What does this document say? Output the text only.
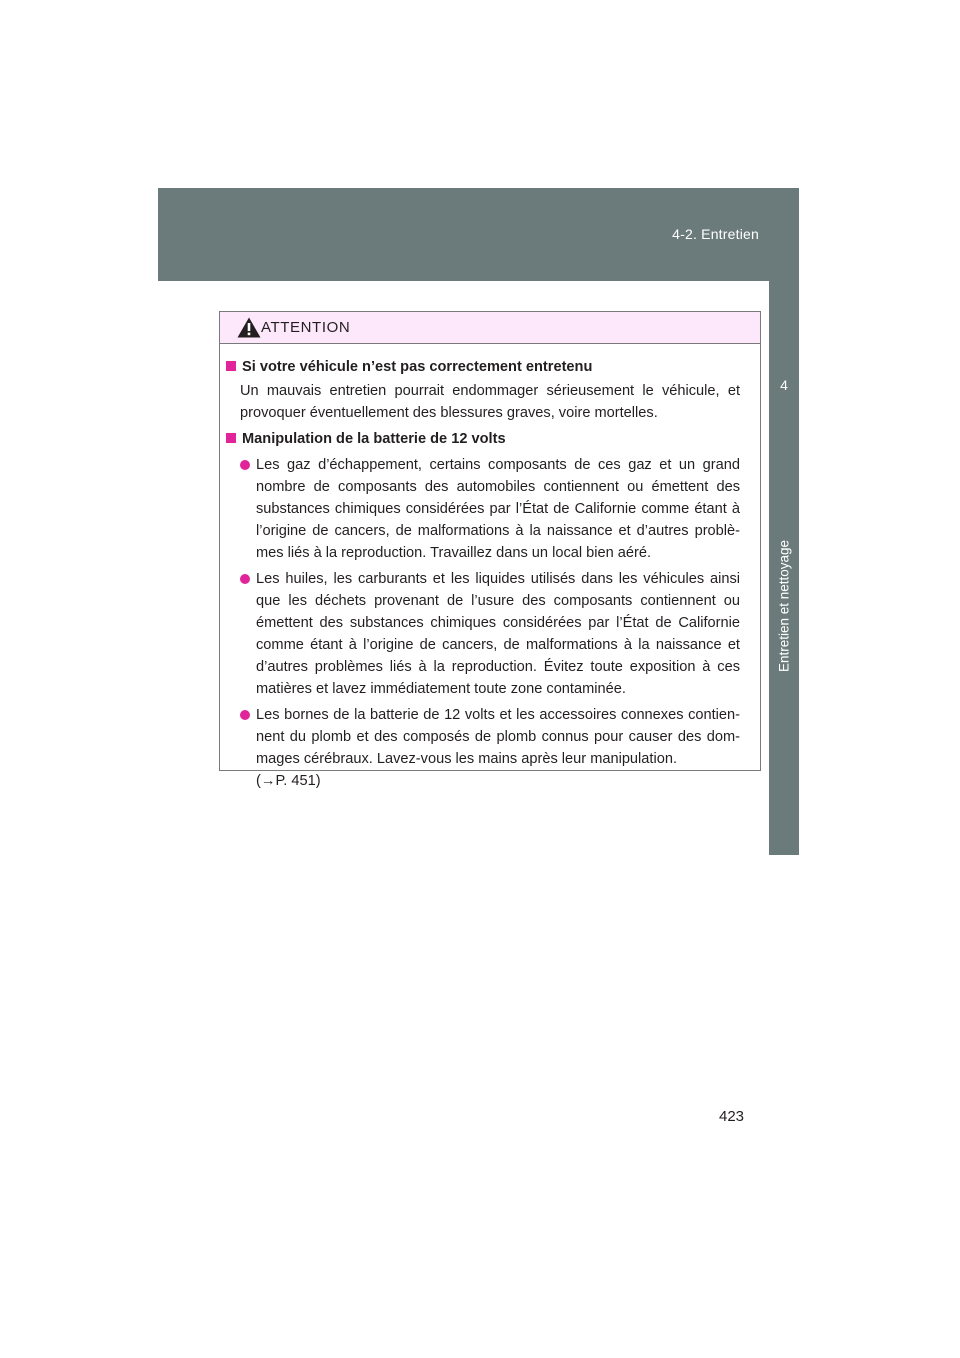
4-2. Entretien
4
Entretien et nettoyage
ATTENTION
Si votre véhicule n’est pas correctement entretenu
Un mauvais entretien pourrait endommager sérieusement le véhicule, et provoquer éventuellement des blessures graves, voire mortelles.
Manipulation de la batterie de 12 volts
Les gaz d’échappement, certains composants de ces gaz et un grand nombre de composants des automobiles contiennent ou émettent des substances chimiques considérées par l’État de Californie comme étant à l’origine de cancers, de malformations à la naissance et d’autres problè-mes liés à la reproduction. Travaillez dans un local bien aéré.
Les huiles, les carburants et les liquides utilisés dans les véhicules ainsi que les déchets provenant de l’usure des composants contiennent ou émettent des substances chimiques considérées par l’État de Californie comme étant à l’origine de cancers, de malformations à la naissance et d’autres problèmes liés à la reproduction. Évitez toute exposition à ces matières et lavez immédiatement toute zone contaminée.
Les bornes de la batterie de 12 volts et les accessoires connexes contien-nent du plomb et des composés de plomb connus pour causer des dom-mages cérébraux. Lavez-vous les mains après leur manipulation.
(→P. 451)
423
